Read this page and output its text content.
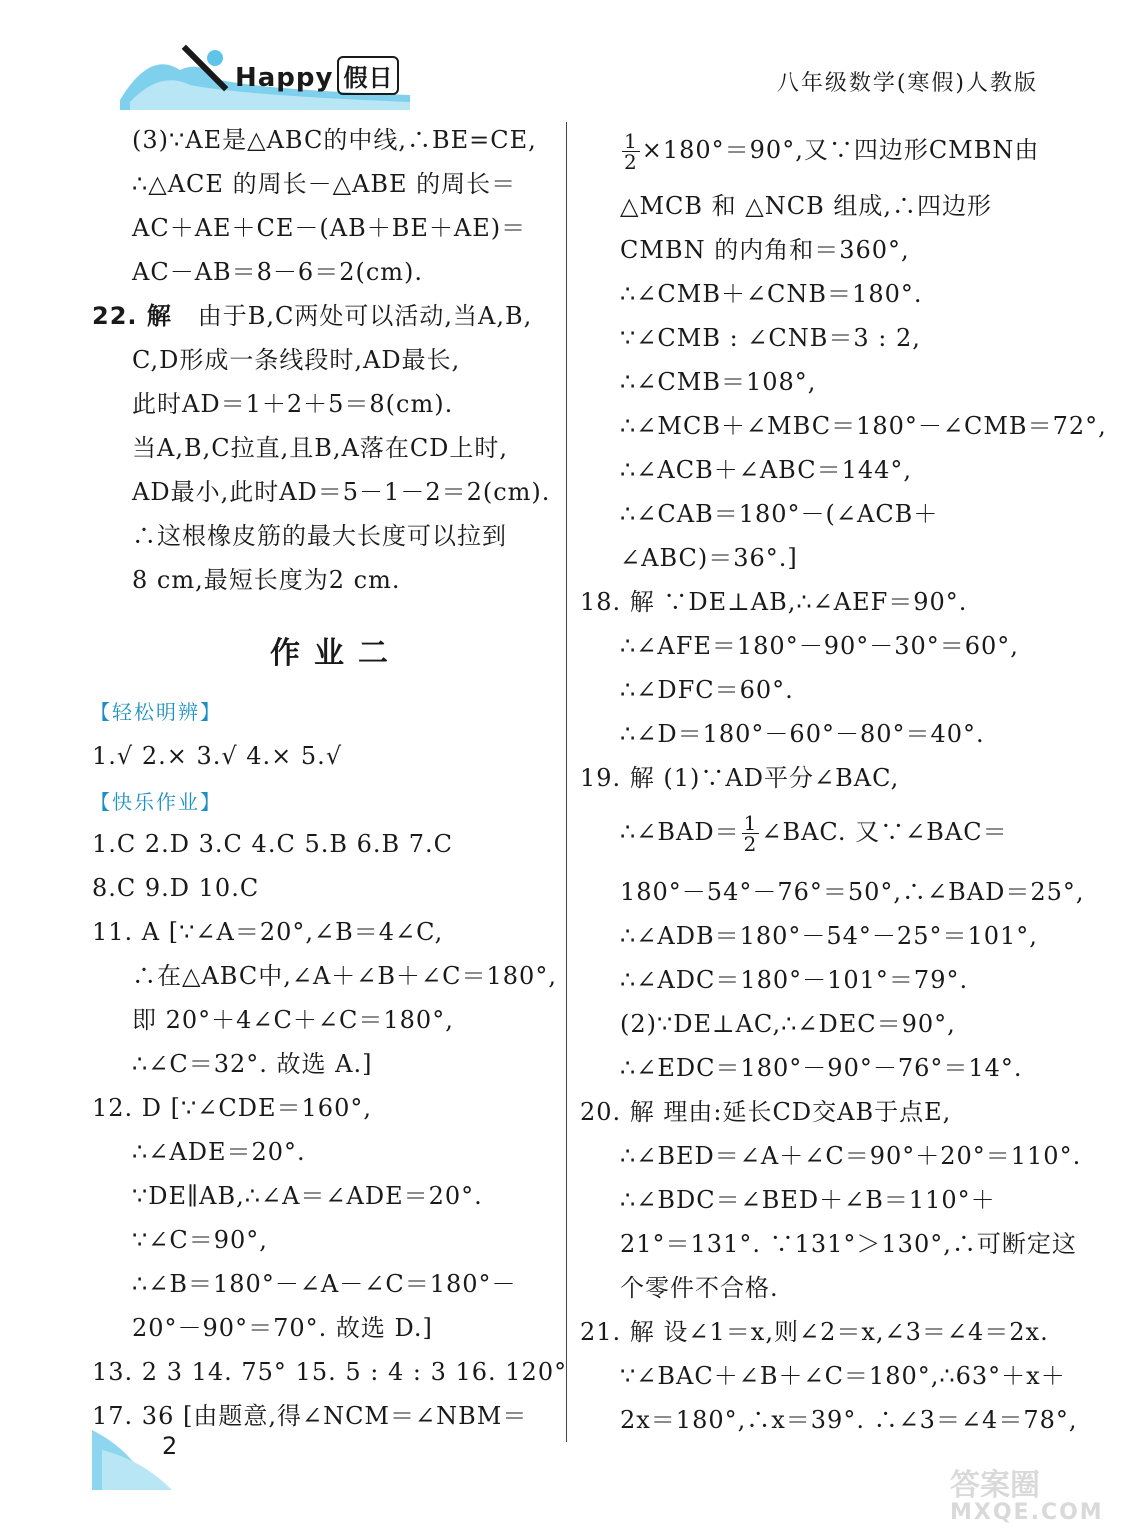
Happy 假日	八年级数学(寒假)人教版
(3)∵AE是△ABC的中线,∴BE=CE,
∴△ACE 的周长－△ABE 的周长＝
AC＋AE＋CE－(AB＋BE＋AE)＝
AC－AB＝8－6＝2(cm).
22. 解 由于B,C两处可以活动,当A,B,
C,D形成一条线段时,AD最长,
此时AD＝1＋2＋5＝8(cm).
当A,B,C拉直,且B,A落在CD上时,
AD最小,此时AD＝5－1－2＝2(cm).
∴这根橡皮筋的最大长度可以拉到
8 cm,最短长度为2 cm.
作业二
【轻松明辨】
1.√ 2.× 3.√ 4.× 5.√
【快乐作业】
1.C 2.D 3.C 4.C 5.B 6.B 7.C
8.C 9.D 10.C
11. A [∵∠A＝20°,∠B＝4∠C,
∴在△ABC中,∠A＋∠B＋∠C＝180°,
即 20°＋4∠C＋∠C＝180°,
∴∠C＝32°. 故选 A.]
12. D [∵∠CDE＝160°,
∴∠ADE＝20°.
∵DE∥AB,∴∠A＝∠ADE＝20°.
∵∠C＝90°,
∴∠B＝180°－∠A－∠C＝180°－
20°－90°＝70°. 故选 D.]
13. 2 3 14. 75° 15. 5 : 4 : 3 16. 120°
17. 36 [由题意,得∠NCM＝∠NBM＝
$\frac{1}{2} \times 180^\circ=90^\circ$,又∵四边形CMBN由
△MCB 和 △NCB 组成,∴四边形
CMBN 的内角和＝360°,
∴∠CMB＋∠CNB＝180°.
∵∠CMB : ∠CNB＝3 : 2,
∴∠CMB＝108°,
∴∠MCB＋∠MBC＝180°－∠CMB＝72°,
∴∠ACB＋∠ABC＝144°,
∴∠CAB＝180°－(∠ACB＋
∠ABC)＝36°.]
18. 解 ∵DE⊥AB,∴∠AEF＝90°.
∴∠AFE＝180°－90°－30°＝60°,
∴∠DFC＝60°.
∴∠D＝180°－60°－80°＝40°.
19. 解 (1)∵AD平分∠BAC,
∴∠BAD＝ $\frac{1}{2}$ ∠BAC. 又∵∠BAC＝
180°－54°－76°＝50°,∴∠BAD＝25°,
∴∠ADB＝180°－54°－25°＝101°,
∴∠ADC＝180°－101°＝79°.
(2)∵DE⊥AC,∴∠DEC＝90°,
∴∠EDC＝180°－90°－76°＝14°.
20. 解 理由:延长CD交AB于点E,
∴∠BED＝∠A＋∠C＝90°＋20°＝110°.
∴∠BDC＝∠BED＋∠B＝110°＋
21°＝131°. ∵131°＞130°,∴可断定这
个零件不合格.
21. 解 设∠1＝x,则∠2＝x,∠3＝∠4＝2x.
∵∠BAC＋∠B＋∠C＝180°,∴63°＋x＋
2x＝180°,∴x＝39°. ∴∠3＝∠4＝78°,
2
答案圈
MXQE.COM
